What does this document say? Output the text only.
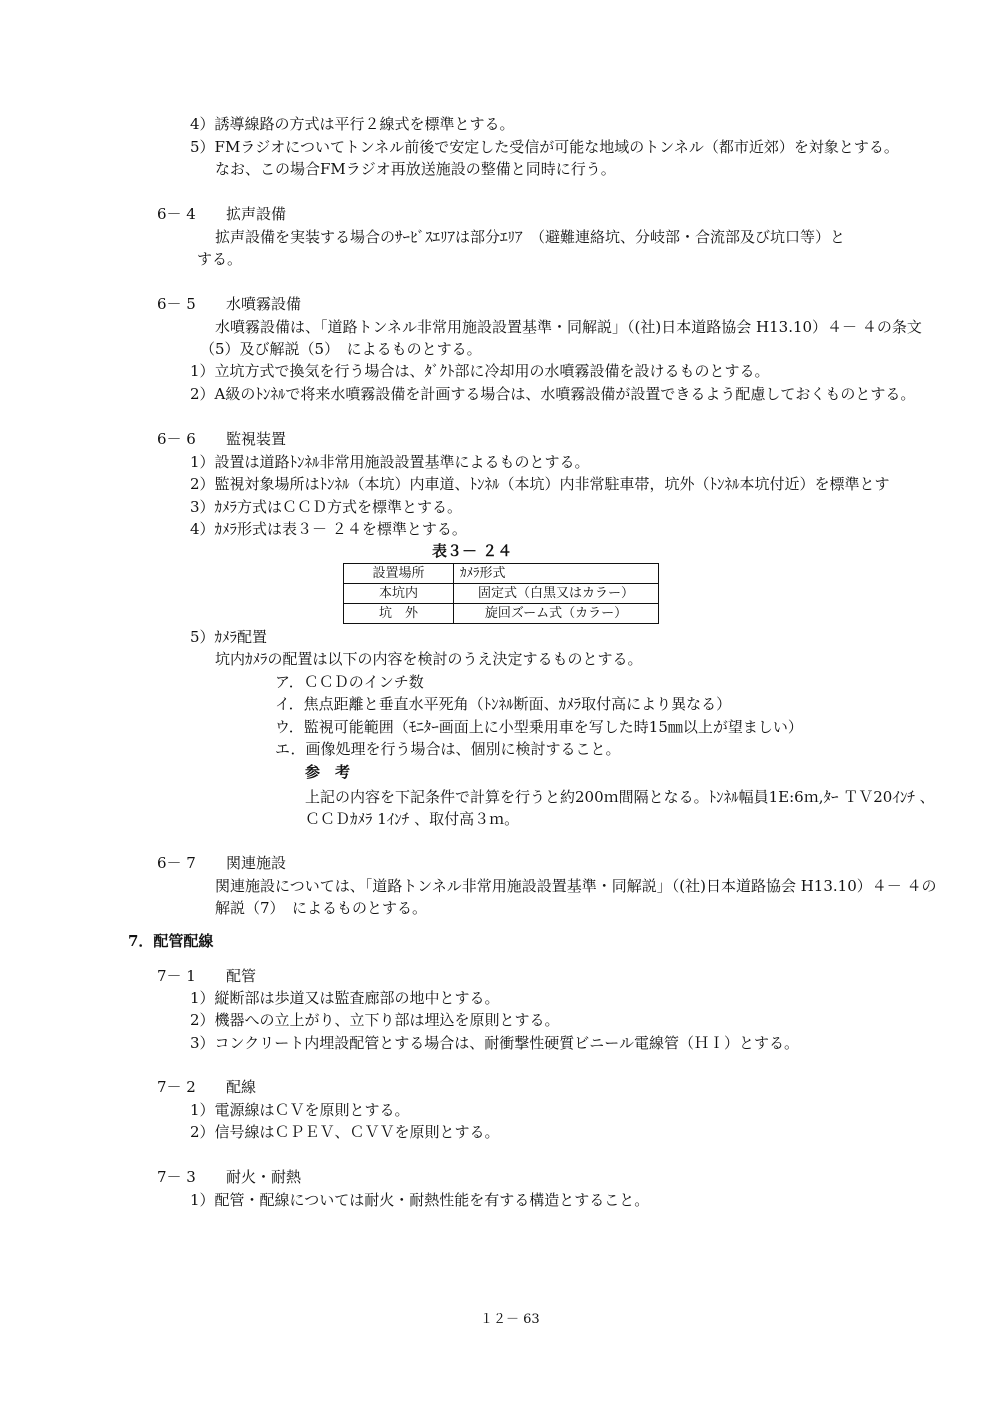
4）誘導線路の方式は平行２線式を標準とする。
5）FMラジオについてトンネル前後で安定した受信が可能な地域のトンネル（都市近郊）を対象とする。
なお、この場合FMラジオ再放送施設の整備と同時に行う。
6－ 4 拡声設備
拡声設備を実装する場合のｻｰﾋﾞｽｴﾘｱは部分ｴﾘｱ　（避難連絡坑、分岐部・合流部及び坑口等）と
する。
6－ 5 水噴霧設備
水噴霧設備は、「道路トンネル非常用施設設置基準・同解説」（(社)日本道路協会 H13.10）４－ ４の条文
（5）及び解説（5）　によるものとする。
1）立坑方式で換気を行う場合は、ﾀﾞｸﾄ部に冷却用の水噴霧設備を設けるものとする。
2）A級のﾄﾝﾈﾙで将来水噴霧設備を計画する場合は、水噴霧設備が設置できるよう配慮しておくものとする。
6－ 6 監視装置
1）設置は道路ﾄﾝﾈﾙ非常用施設設置基準によるものとする。
2）監視対象場所はﾄﾝﾈﾙ（本坑）内車道、ﾄﾝﾈﾙ（本坑）内非常駐車帯，坑外（ﾄﾝﾈﾙ本坑付近）を標準とす
3）ｶﾒﾗ方式はＣＣＤ方式を標準とする。
4）ｶﾒﾗ形式は表３－ ２４を標準とする。
表３－ ２４
設置場所	ｶﾒﾗ形式
本坑内	固定式（白黒又はカラー）
坑　外	旋回ズーム式（カラー）
5）ｶﾒﾗ配置
坑内ｶﾒﾗの配置は以下の内容を検討のうえ決定するものとする。
ア．ＣＣＤのインチ数
イ．焦点距離と垂直水平死角（ﾄﾝﾈﾙ断面、ｶﾒﾗ取付高により異なる）
ウ．監視可能範囲（ﾓﾆﾀｰ画面上に小型乗用車を写した時15㎜以上が望ましい）
エ．画像処理を行う場合は、個別に検討すること。
参　考
上記の内容を下記条件で計算を行うと約200ｍ間隔となる。ﾄﾝﾈﾙ幅員1E:6ｍ,ﾀｰ ＴＶ20ｲﾝﾁ 、
ＣＣＤｶﾒﾗ 1ｲﾝﾁ 、取付高３ｍ。
6－ 7 関連施設
関連施設については、「道路トンネル非常用施設設置基準・同解説」（(社)日本道路協会 H13.10）４－ ４の
解説（7）　によるものとする。
7．配管配線
7－ 1 配管
1）縦断部は歩道又は監査廊部の地中とする。
2）機器への立上がり、立下り部は埋込を原則とする。
3）コンクリート内埋設配管とする場合は、耐衝撃性硬質ビニール電線管（ＨＩ）とする。
7－ 2 配線
1）電源線はＣＶを原則とする。
2）信号線はＣＰＥＶ、ＣＶＶを原則とする。
7－ 3 耐火・耐熱
1）配管・配線については耐火・耐熱性能を有する構造とすること。
１２－ 63
